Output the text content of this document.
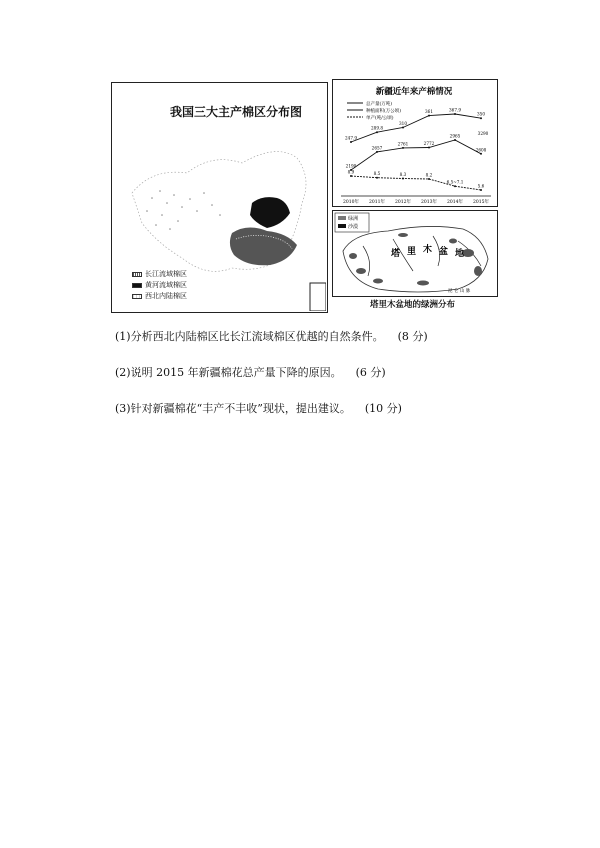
我国三大主产棉区分布图
长江流域棉区
黄河流域棉区
西北内陆棉区
新疆近年来产棉情况
总产量(万吨)
种植面积(万公顷)
单产(吨/公顷)
247.9
289.8
310
361	367.9
350
2190
2657
2761	2772
2965
2608
8.9	8.5	8.3	8.2
6.5~7.1
5.6
3290
2010年 2011年 2012年 2013年 2014年 2015年
绿洲
沙漠
塔 里 木 盆 地
昆 仑 山 脉
塔里木盆地的绿洲分布
(1)分析西北内陆棉区比长江流域棉区优越的自然条件。 (8 分)
(2)说明 2015 年新疆棉花总产量下降的原因。 (6 分)
(3)针对新疆棉花“丰产不丰收”现状，提出建议。 (10 分)
